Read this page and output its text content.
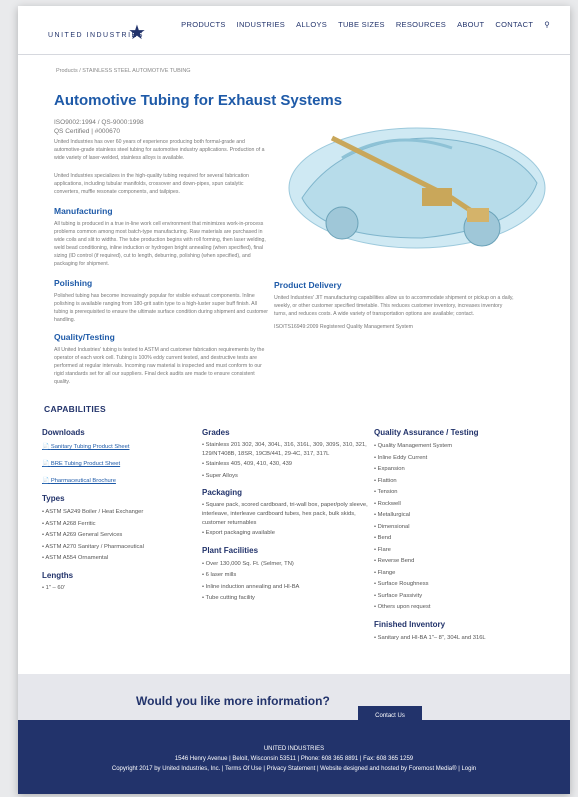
UNITED INDUSTRIES
★	PRODUCTS INDUSTRIES ALLOYS TUBE SIZES RESOURCES ABOUT CONTACT ⚲
Products / STAINLESS STEEL AUTOMOTIVE TUBING
Automotive Tubing for Exhaust Systems
ISO9002:1994 / QS-9000:1998
QS Certified | #000670
United Industries has over 60 years of experience producing both formal-grade and automotive-grade stainless steel tubing for automotive industry applications. Production of a wide variety of laser-welded, stainless alloys is available.
United Industries specializes in the high-quality tubing required for several fabrication applications, including tubular manifolds, crossover and down-pipes, spun catalytic converters, muffle resonate components, and tailpipes.
Manufacturing
All tubing is produced in a true in-line work cell environment that minimizes work-in-process problems common among most batch-type manufacturing. Raw materials are purchased in wide coils and slit to widths. The tube production begins with roll forming, then laser welding, weld bead conditioning, inline induction or hydrogen bright annealing (when specified), final sizing (ID control (if required), cut to length, deburring, polishing (when specified), and packaging for shipment.
Polishing
Polished tubing has become increasingly popular for visible exhaust components. Inline polishing is available ranging from 180-grit satin type to a high-luster super buff finish. All tubing is prerequisited to ensure the ultimate surface condition during shipment and customer handling.
Quality/Testing
All United Industries' tubing is tested to ASTM and customer fabrication requirements by the operator of each work cell. Tubing is 100% eddy current tested, and destructive tests are performed at regular intervals. Incoming raw material is inspected and must conform to our rigid standards set for all our suppliers. Final deck audits are made to ensure consistent quality.
Product Delivery
United Industries' JIT manufacturing capabilities allow us to accommodate shipment or pickup on a daily, weekly, or other customer specified timetable. This reduces customer inventory, increases inventory turns, and reduces costs. A wide variety of transportation options are available; contact.
ISO/TS16949:2009 Registered Quality Management System
CAPABILITIES
Downloads
📄 Sanitary Tubing Product Sheet
📄 BRE Tubing Product Sheet
📄 Pharmaceutical Brochure
Types
• ASTM SA249 Boiler / Heat Exchanger
• ASTM A268 Ferritic
• ASTM A269 General Services
• ASTM A270 Sanitary / Pharmaceutical
• ASTM A554 Ornamental
Lengths
• 1" – 60'
Grades
• Stainless 201 302, 304, 304L, 316, 316L, 309, 309S, 310, 321, 129/NT408B, 18SR, 19CB/441, 29-4C, 317, 317L
• Stainless 405, 409, 410, 430, 439
• Super Alloys
Packaging
• Square pack, scored cardboard, tri-wall box, paper/poly sleeve, interleave, interleave cardboard tubes, hex pack, bulk skids, customer returnables
• Export packaging available
Plant Facilities
• Over 130,000 Sq. Ft. (Selmer, TN)
• 6 laser mills
• Inline induction annealing and HI-BA
• Tube cutting facility
Quality Assurance / Testing
• Quality Management System
• Inline Eddy Current
• Expansion
• Flattion
• Tension
• Rockwell
• Metallurgical
• Dimensional
• Bend
• Flare
• Reverse Bend
• Flange
• Surface Roughness
• Surface Passivity
• Others upon request
Finished Inventory
• Sanitary and HI-BA 1"– 8", 304L and 316L
Would you like more information?
Contact Us
UNITED INDUSTRIES
1546 Henry Avenue | Beloit, Wisconsin 53511 | Phone: 608 365 8891 | Fax: 608 365 1259
Copyright 2017 by United Industries, Inc. | Terms Of Use | Privacy Statement | Website designed and hosted by Foremost Media® | Login
